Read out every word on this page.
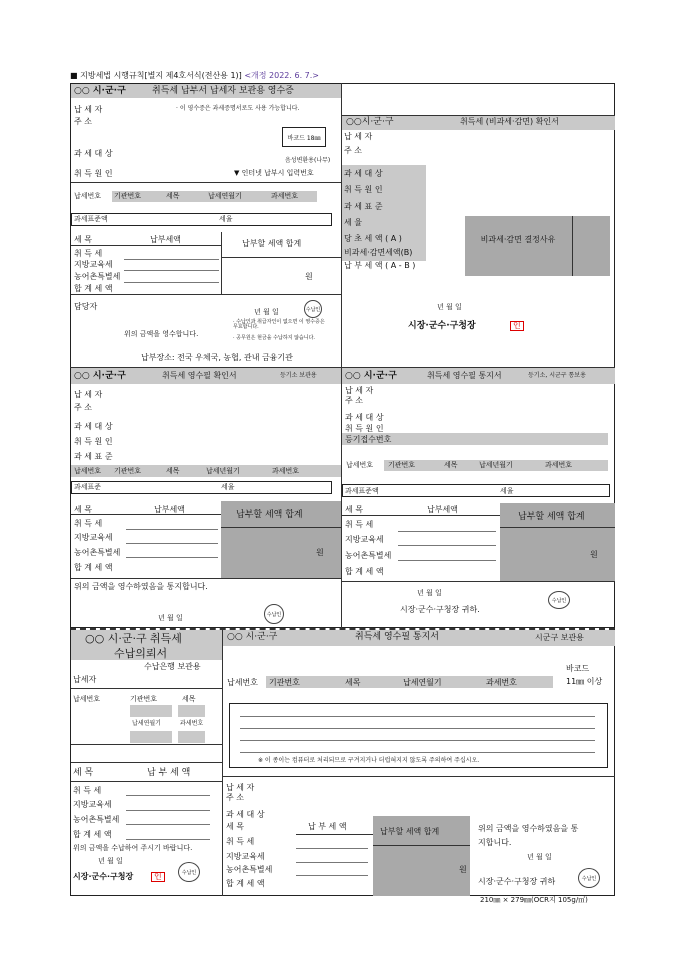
■ 지방세법 시행규칙[별지 제4호서식(전산용 1)] <개정 2022. 6. 7.>
○○ 시·군·구	취득세 납부서 납세자 보관용 영수증
납 세 자
주 소
· 이 영수증은 과세증명서로도 사용 가능합니다.
바코드 18㎜
과 세 대 상
음성변환용(나무)
취 득 원 인	▼ 인터넷 납부시 입력번호
납세번호 기관번호	세목	납세연월기	과세번호
과세표준액	세율
세 목	납부세액	납부할 세액 합계
취 득 세
지방교육세
농어촌특별세
합 계 세 액
원
담당자
년 월 일	수납인
위의 금액을 영수합니다.
· 수납인과 취급자인이 없으면 이 영수증은 무효합니다.
· 공무원은 현금을 수납하지 않습니다.
납부장소: 전국 우체국, 농협, 관내 금융기관
○○시·군·구	취득세 (비과세·감면) 확인서
납 세 자
주 소
과 세 대 상
취 득 원 인
과 세 표 준
세 율
당 초 세 액 ( A )
비과세·감면세액(B)
납 부 세 액 ( A - B )
비과세·감면 결정사유
년 월 일
시장·군수·구청장	인
○○ 시·군·구	취득세 영수필 확인서	등기소 보관용
납 세 자
주 소
과 세 대 상
취 득 원 인
과 세 표 준
납세번호 기관번호	세목	납세년월기	과세번호
과세표준	세율
납부할 세액 합계
세 목	납부세액
취 득 세
지방교육세
농어촌특별세
합 계 세 액
원
위의 금액을 영수하였음을 통지합니다.
년 월 일	수납인
○○ 시·군·구	취득세 영수필 통지서	등기소, 시군구 통보용
납 세 자
주 소
과 세 대 상
취 득 원 인
등기접수번호
납세번호 기관번호	세목	납세년월기	과세번호
과세표준액	세율
납부할 세액 합계
세 목	납부세액
취 득 세
지방교육세
농어촌특별세
합 계 세 액
원
년 월 일
시장·군수·구청장 귀하.
수납인
○○ 시·군·구 취득세
수납의뢰서
수납은행 보관용
납세자
납세번호	기관번호	세목
납세연월기	과세번호
세 목	납 부 세 액
취 득 세
지방교육세
농어촌특별세
합 계 세 액
위의 금액을 수납하여 주시기 바랍니다.
년 월 일
시장·군수·구청장	인	수납인
○○ 시·군·구	취득세 영수필 통지서	시군구 보관용
바코드
11㎜ 이상
납세번호 기관번호	세목	납세연월기	과세번호
※ 이 종이는 컴퓨터로 처리되므로 구겨지거나 더럽혀지지 않도록 주의하여 주십시오.
납 세 자
주 소
과 세 대 상
세 목	납 부 세 액
납부할 세액 합계
취 득 세
지방교육세
농어촌특별세
합 계 세 액
원
위의 금액을 영수하였음을 통
지합니다.
년 월 일
시장·군수·구청장 귀하	수납인
210㎜ × 279㎜(OCR지 105g/㎡)
